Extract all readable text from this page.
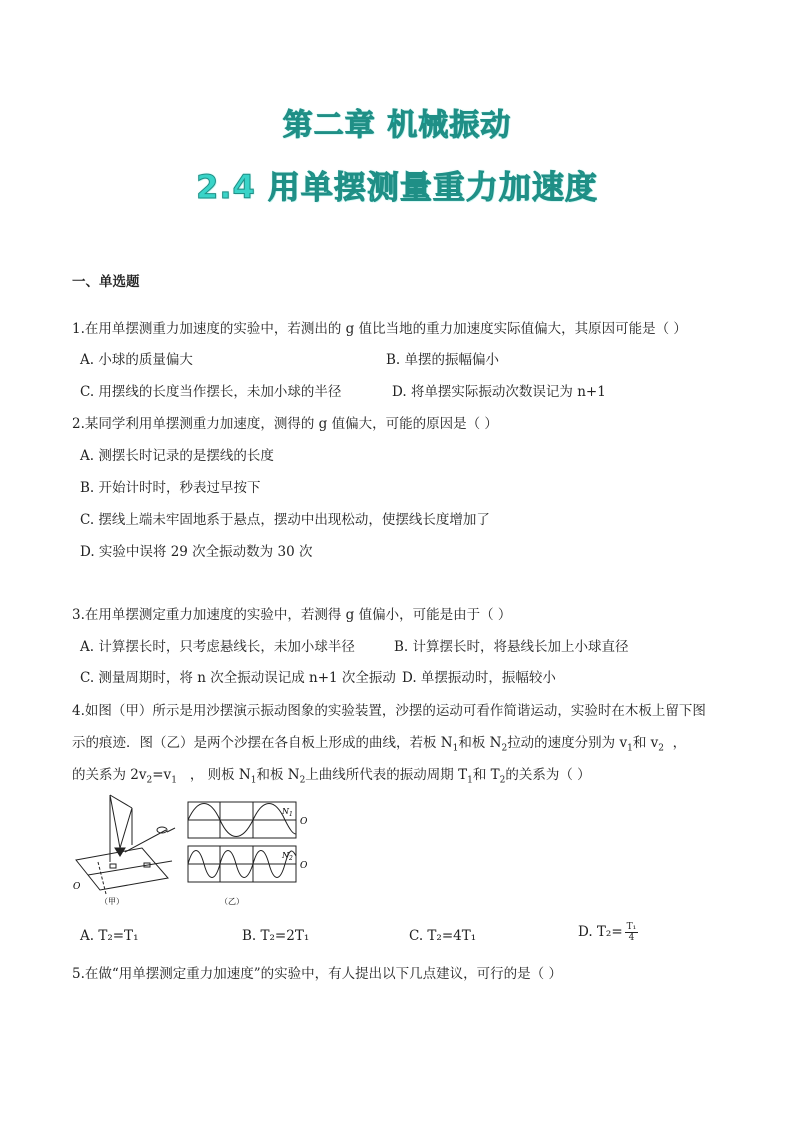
第二章 机械振动
2.4 用单摆测量重力加速度
一、单选题
1.在用单摆测重力加速度的实验中，若测出的 g 值比当地的重力加速度实际值偏大，其原因可能是（ ）
A. 小球的质量偏大	B. 单摆的振幅偏小
C. 用摆线的长度当作摆长，未加小球的半径	D. 将单摆实际振动次数误记为 n+1
2.某同学利用单摆测重力加速度，测得的 g 值偏大，可能的原因是（ ）
A. 测摆长时记录的是摆线的长度
B. 开始计时时，秒表过早按下
C. 摆线上端未牢固地系于悬点，摆动中出现松动，使摆线长度增加了
D. 实验中误将 29 次全振动数为 30 次
3.在用单摆测定重力加速度的实验中，若测得 g 值偏小，可能是由于（ ）
A. 计算摆长时，只考虑悬线长，未加小球半径	B. 计算摆长时，将悬线长加上小球直径
C. 测量周期时，将 n 次全振动误记成 n+1 次全振动 D. 单摆振动时，振幅较小
4.如图（甲）所示是用沙摆演示振动图象的实验装置，沙摆的运动可看作简谐运动，实验时在木板上留下图
示的痕迹．图（乙）是两个沙摆在各自板上形成的曲线，若板 $N_1$和板 $N_2$拉动的速度分别为 $v_1$和 $v_2$ ，
的关系为 $2v_2=v_1$ ， 则板 $N_1$和板 $N_2$上曲线所代表的振动周期 $T_1$和 $T_2$的关系为（ ）
O
（甲）
$N_1$
$N_2$
O
O
（乙）
A. T₂=T₁	B. T₂=2T₁	C. T₂=4T₁	D. $T_2= \frac{\text{T₁}}{4}$
5.在做“用单摆测定重力加速度”的实验中，有人提出以下几点建议，可行的是（ ）
